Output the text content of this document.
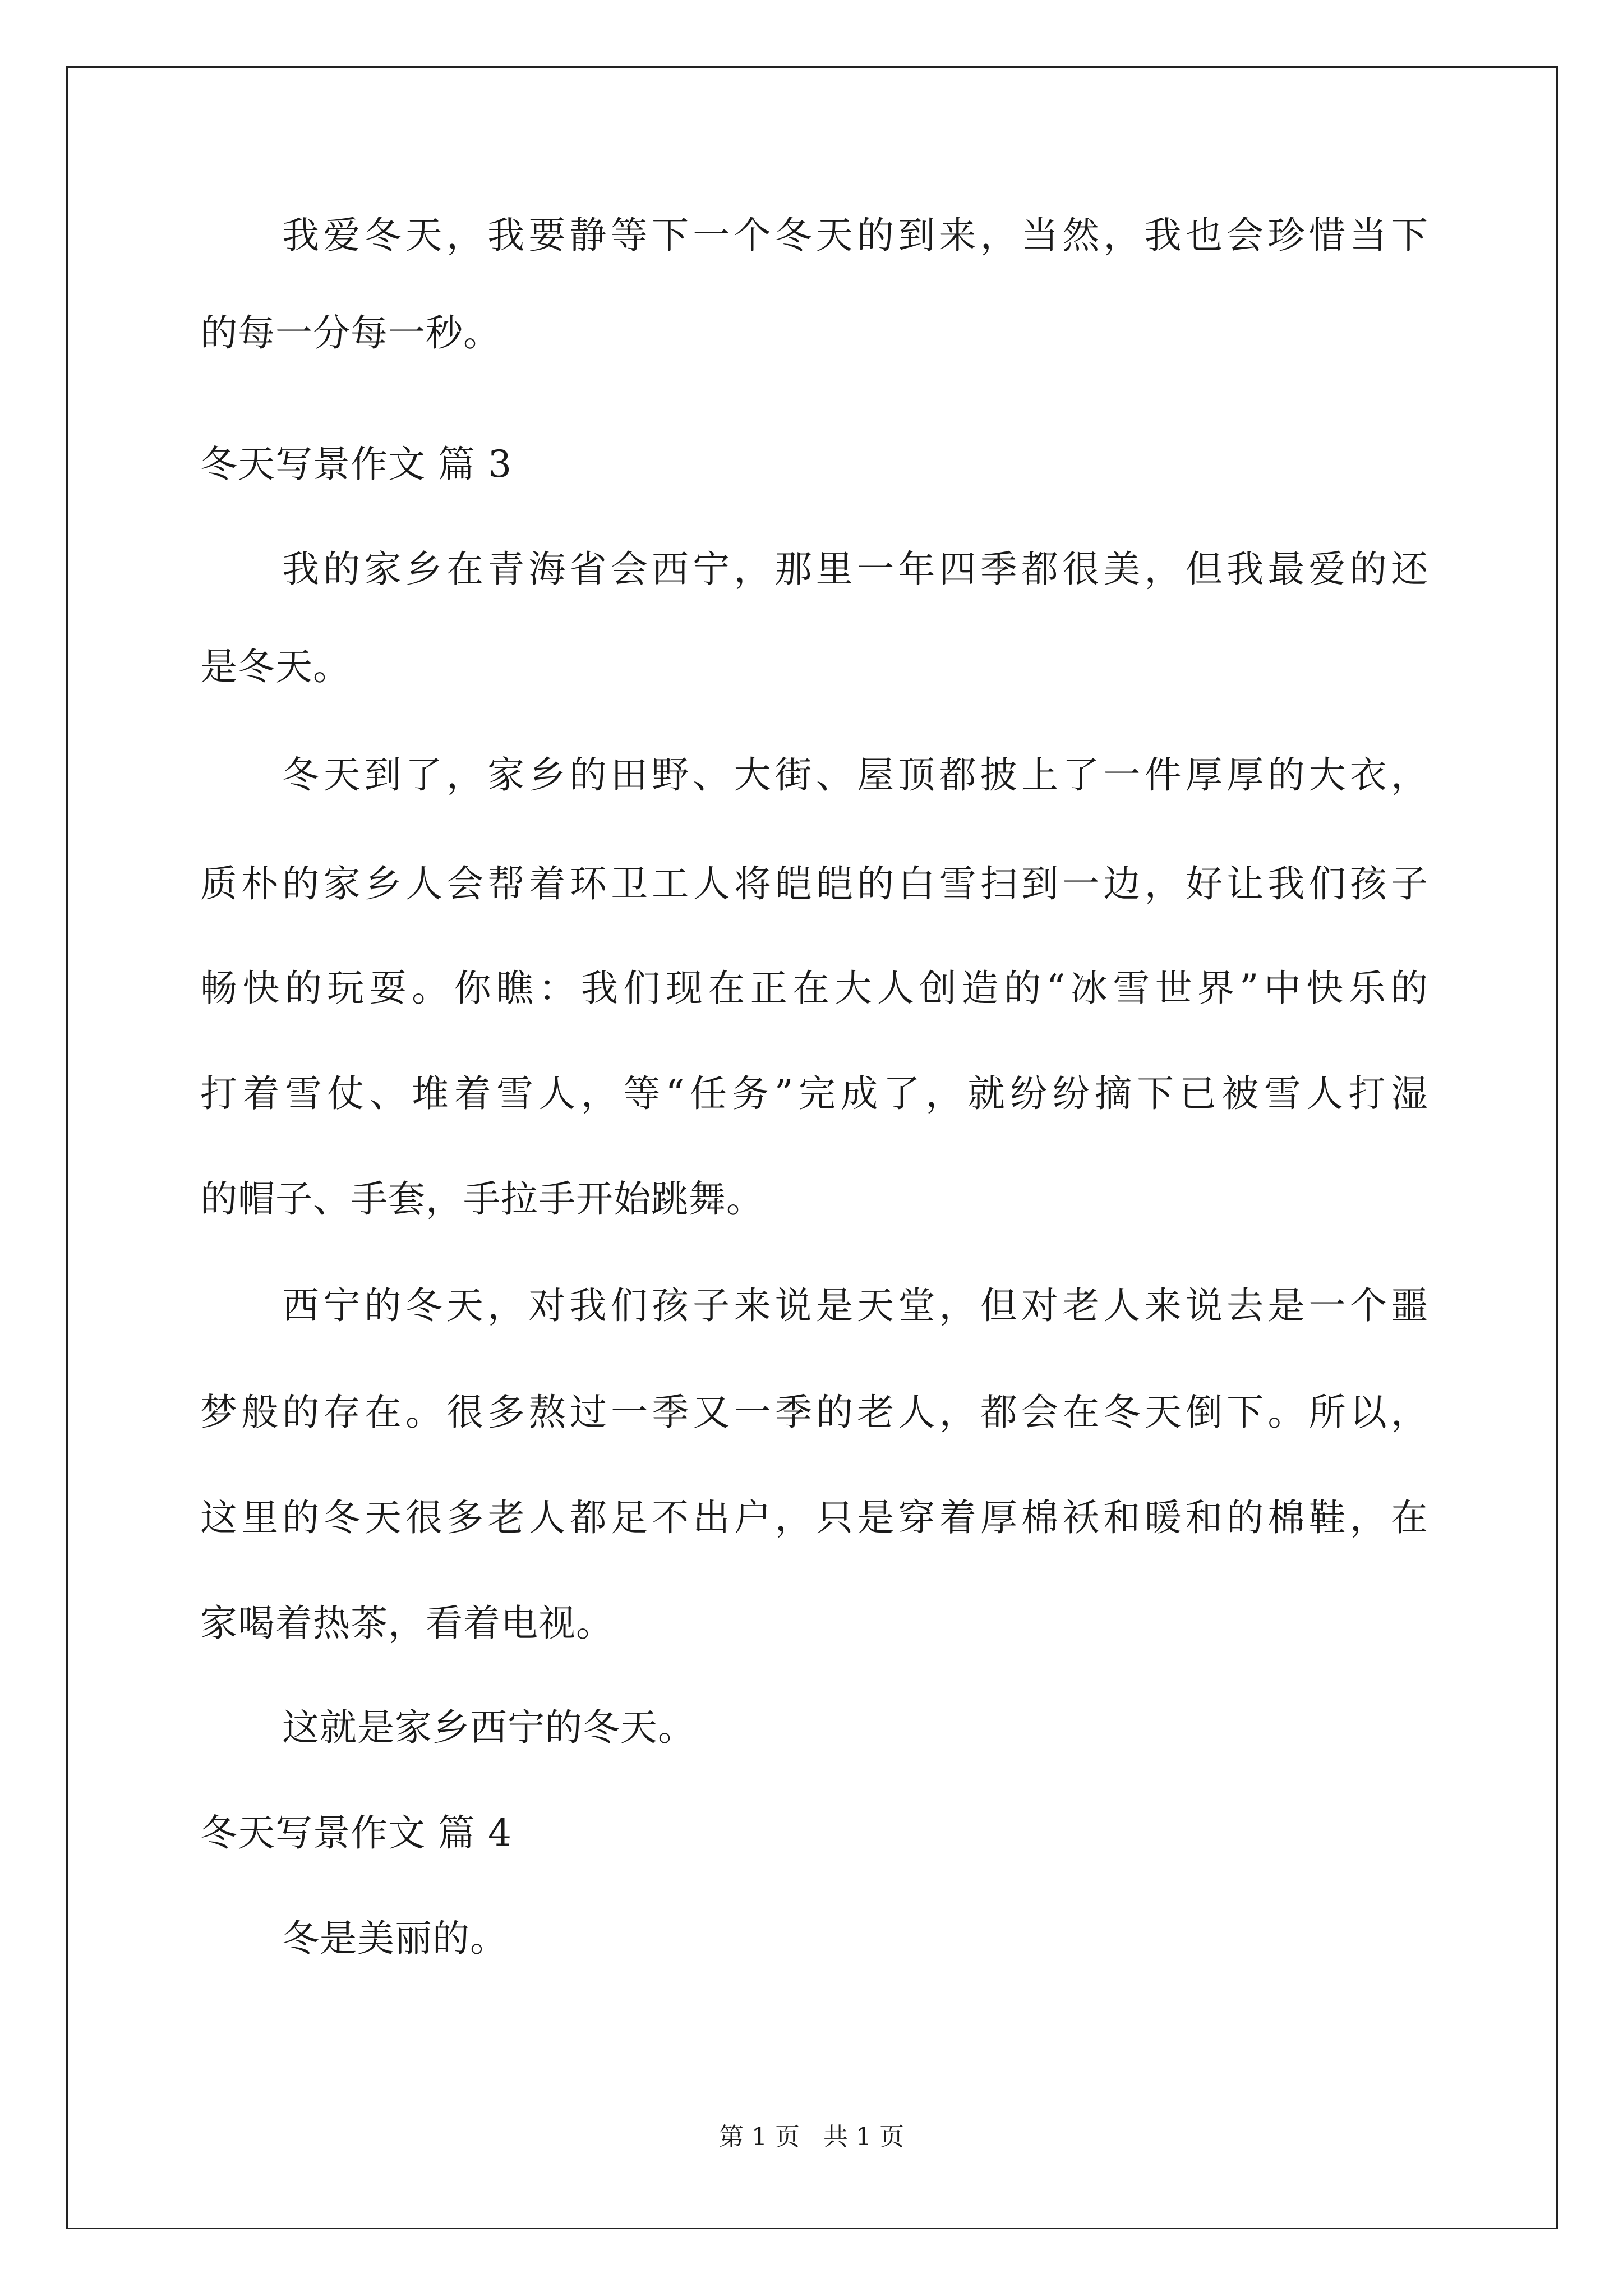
我爱冬天，我要静等下一个冬天的到来，当然，我也会珍惜当下
的每一分每一秒。
冬天写景作文 篇 3
我的家乡在青海省会西宁，那里一年四季都很美，但我最爱的还
是冬天。
冬天到了，家乡的田野、大街、屋顶都披上了一件厚厚的大衣，
质朴的家乡人会帮着环卫工人将皑皑的白雪扫到一边，好让我们孩子
畅快的玩耍。你瞧：我们现在正在大人创造的“冰雪世界”中快乐的
打着雪仗、堆着雪人，等“任务”完成了，就纷纷摘下已被雪人打湿
的帽子、手套，手拉手开始跳舞。
西宁的冬天，对我们孩子来说是天堂，但对老人来说去是一个噩
梦般的存在。很多熬过一季又一季的老人，都会在冬天倒下。所以，
这里的冬天很多老人都足不出户，只是穿着厚棉袄和暖和的棉鞋，在
家喝着热茶，看着电视。
这就是家乡西宁的冬天。
冬天写景作文 篇 4
冬是美丽的。
第 1 页   共 1 页
